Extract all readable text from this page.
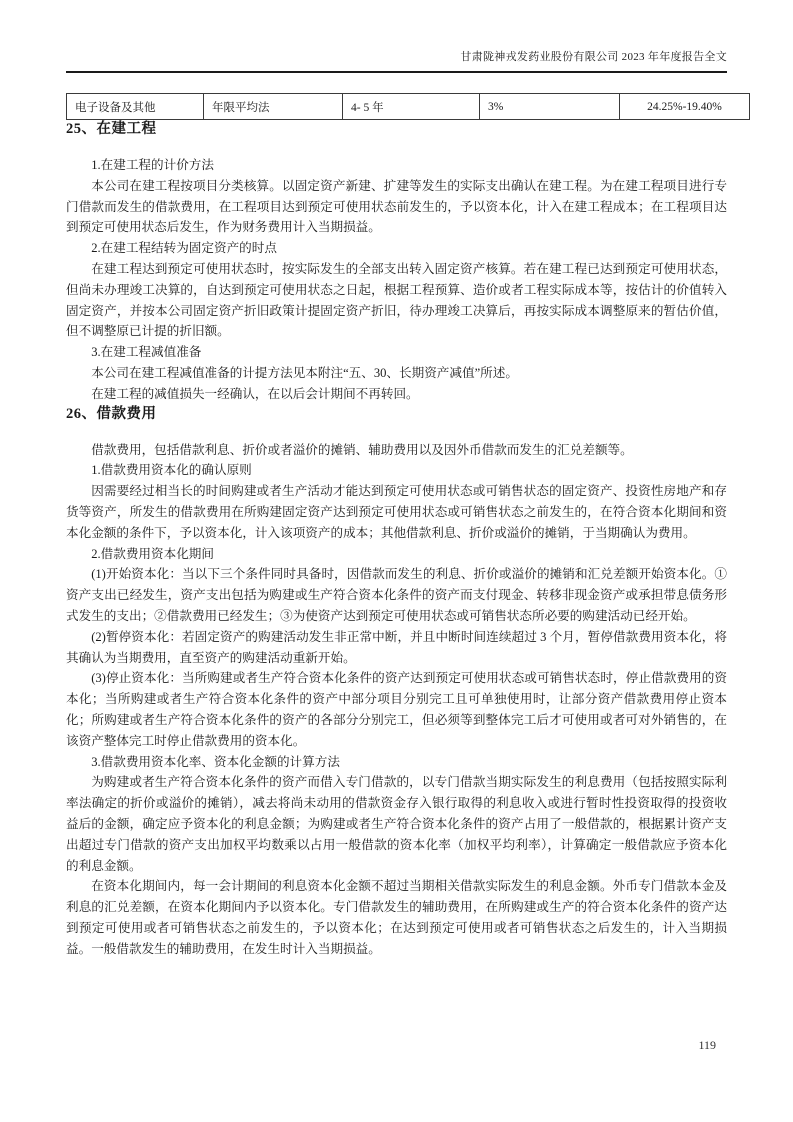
甘肃陇神戎发药业股份有限公司 2023 年年度报告全文
电子设备及其他	年限平均法	4- 5 年	3%	24.25%-19.40%
25、在建工程

1.在建工程的计价方法

本公司在建工程按项目分类核算。以固定资产新建、扩建等发生的实际支出确认在建工程。为在建工程项目进行专门借款而发生的借款费用，在工程项目达到预定可使用状态前发生的，予以资本化，计入在建工程成本；在工程项目达到预定可使用状态后发生，作为财务费用计入当期损益。

2.在建工程结转为固定资产的时点

在建工程达到预定可使用状态时，按实际发生的全部支出转入固定资产核算。若在建工程已达到预定可使用状态，但尚未办理竣工决算的，自达到预定可使用状态之日起，根据工程预算、造价或者工程实际成本等，按估计的价值转入固定资产，并按本公司固定资产折旧政策计提固定资产折旧，待办理竣工决算后，再按实际成本调整原来的暂估价值，但不调整原已计提的折旧额。

3.在建工程减值准备

本公司在建工程减值准备的计提方法见本附注“五、30、长期资产减值”所述。

在建工程的减值损失一经确认，在以后会计期间不再转回。

26、借款费用

借款费用，包括借款利息、折价或者溢价的摊销、辅助费用以及因外币借款而发生的汇兑差额等。

1.借款费用资本化的确认原则

因需要经过相当长的时间购建或者生产活动才能达到预定可使用状态或可销售状态的固定资产、投资性房地产和存货等资产，所发生的借款费用在所购建固定资产达到预定可使用状态或可销售状态之前发生的，在符合资本化期间和资本化金额的条件下，予以资本化，计入该项资产的成本；其他借款利息、折价或溢价的摊销，于当期确认为费用。

2.借款费用资本化期间

(1)开始资本化：当以下三个条件同时具备时，因借款而发生的利息、折价或溢价的摊销和汇兑差额开始资本化。①资产支出已经发生，资产支出包括为购建或生产符合资本化条件的资产而支付现金、转移非现金资产或承担带息债务形式发生的支出；②借款费用已经发生；③为使资产达到预定可使用状态或可销售状态所必要的购建活动已经开始。

(2)暂停资本化：若固定资产的购建活动发生非正常中断，并且中断时间连续超过 3 个月，暂停借款费用资本化，将其确认为当期费用，直至资产的购建活动重新开始。

(3)停止资本化：当所购建或者生产符合资本化条件的资产达到预定可使用状态或可销售状态时，停止借款费用的资本化；当所购建或者生产符合资本化条件的资产中部分项目分别完工且可单独使用时，让部分资产借款费用停止资本化；所购建或者生产符合资本化条件的资产的各部分分别完工，但必须等到整体完工后才可使用或者可对外销售的，在该资产整体完工时停止借款费用的资本化。

3.借款费用资本化率、资本化金额的计算方法

为购建或者生产符合资本化条件的资产而借入专门借款的，以专门借款当期实际发生的利息费用（包括按照实际利率法确定的折价或溢价的摊销），减去将尚未动用的借款资金存入银行取得的利息收入或进行暂时性投资取得的投资收益后的金额，确定应予资本化的利息金额；为购建或者生产符合资本化条件的资产占用了一般借款的，根据累计资产支出超过专门借款的资产支出加权平均数乘以占用一般借款的资本化率（加权平均利率），计算确定一般借款应予资本化的利息金额。

在资本化期间内，每一会计期间的利息资本化金额不超过当期相关借款实际发生的利息金额。外币专门借款本金及利息的汇兑差额，在资本化期间内予以资本化。专门借款发生的辅助费用，在所购建或生产的符合资本化条件的资产达到预定可使用或者可销售状态之前发生的，予以资本化；在达到预定可使用或者可销售状态之后发生的，计入当期损益。一般借款发生的辅助费用，在发生时计入当期损益。

119
